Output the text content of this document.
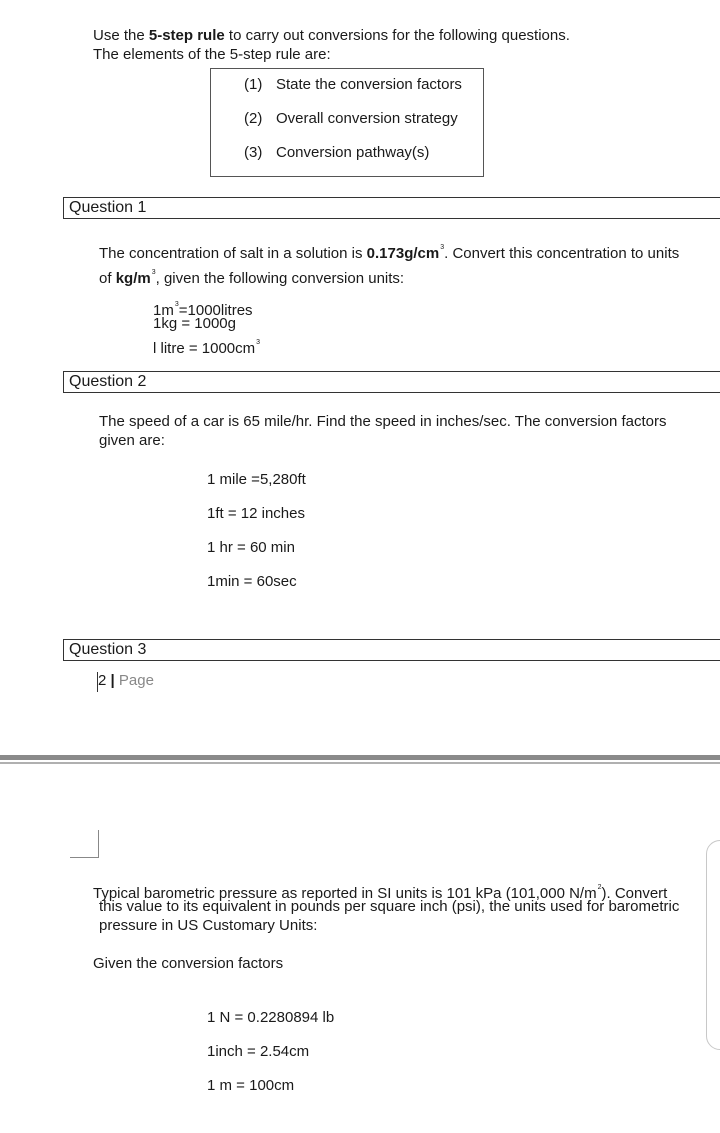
Use the 5-step rule to carry out conversions for the following questions.
The elements of the 5-step rule are:
(1) State the conversion factors
(2) Overall conversion strategy
(3) Conversion pathway(s)
Question 1
The concentration of salt in a solution is $0.173g/cm^3$. Convert this concentration to units
of $kg/m^3$, given the following conversion units:
$1m^3=1000litres$
1kg = 1000g
l litre = $1000cm^3$
Question 2
The speed of a car is 65 mile/hr. Find the speed in inches/sec. The conversion factors
given are:
1 mile =5,280ft
1ft = 12 inches
1 hr = 60 min
1min = 60sec
Question 3
2 | Page
Typical barometric pressure as reported in SI units is 101 kPa (101,000 $N/m^2$). Convert
this value to its equivalent in pounds per square inch (psi), the units used for barometric
pressure in US Customary Units:
Given the conversion factors
1 N = 0.2280894 lb
1inch = 2.54cm
1 m = 100cm
